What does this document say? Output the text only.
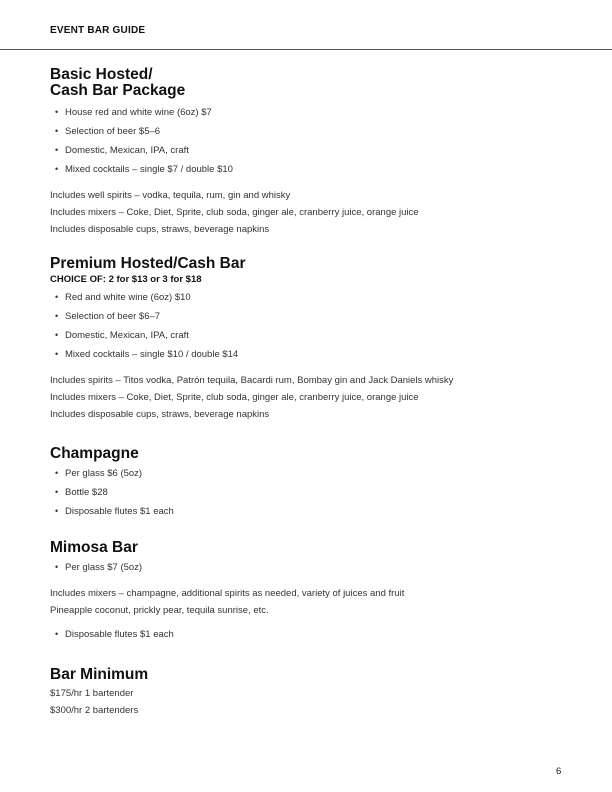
EVENT BAR GUIDE
Basic Hosted/
Cash Bar Package
• House red and white wine (6oz) $7
• Selection of beer $5–6
• Domestic, Mexican, IPA, craft
• Mixed cocktails – single $7 / double $10
Includes well spirits – vodka, tequila, rum, gin and whisky
Includes mixers – Coke, Diet, Sprite, club soda, ginger ale, cranberry juice, orange juice
Includes disposable cups, straws, beverage napkins
Premium Hosted/Cash Bar
CHOICE OF: 2 for $13 or 3 for $18
• Red and white wine (6oz) $10
• Selection of beer $6–7
• Domestic, Mexican, IPA, craft
• Mixed cocktails – single $10 / double $14
Includes spirits – Titos vodka, Patrón tequila, Bacardi rum, Bombay gin and Jack Daniels whisky
Includes mixers – Coke, Diet, Sprite, club soda, ginger ale, cranberry juice, orange juice
Includes disposable cups, straws, beverage napkins
Champagne
• Per glass $6 (5oz)
• Bottle $28
• Disposable flutes $1 each
Mimosa Bar
• Per glass $7 (5oz)
Includes mixers – champagne, additional spirits as needed, variety of juices and fruit
Pineapple coconut, prickly pear, tequila sunrise, etc.
• Disposable flutes $1 each
Bar Minimum
$175/hr 1 bartender
$300/hr 2 bartenders
6
